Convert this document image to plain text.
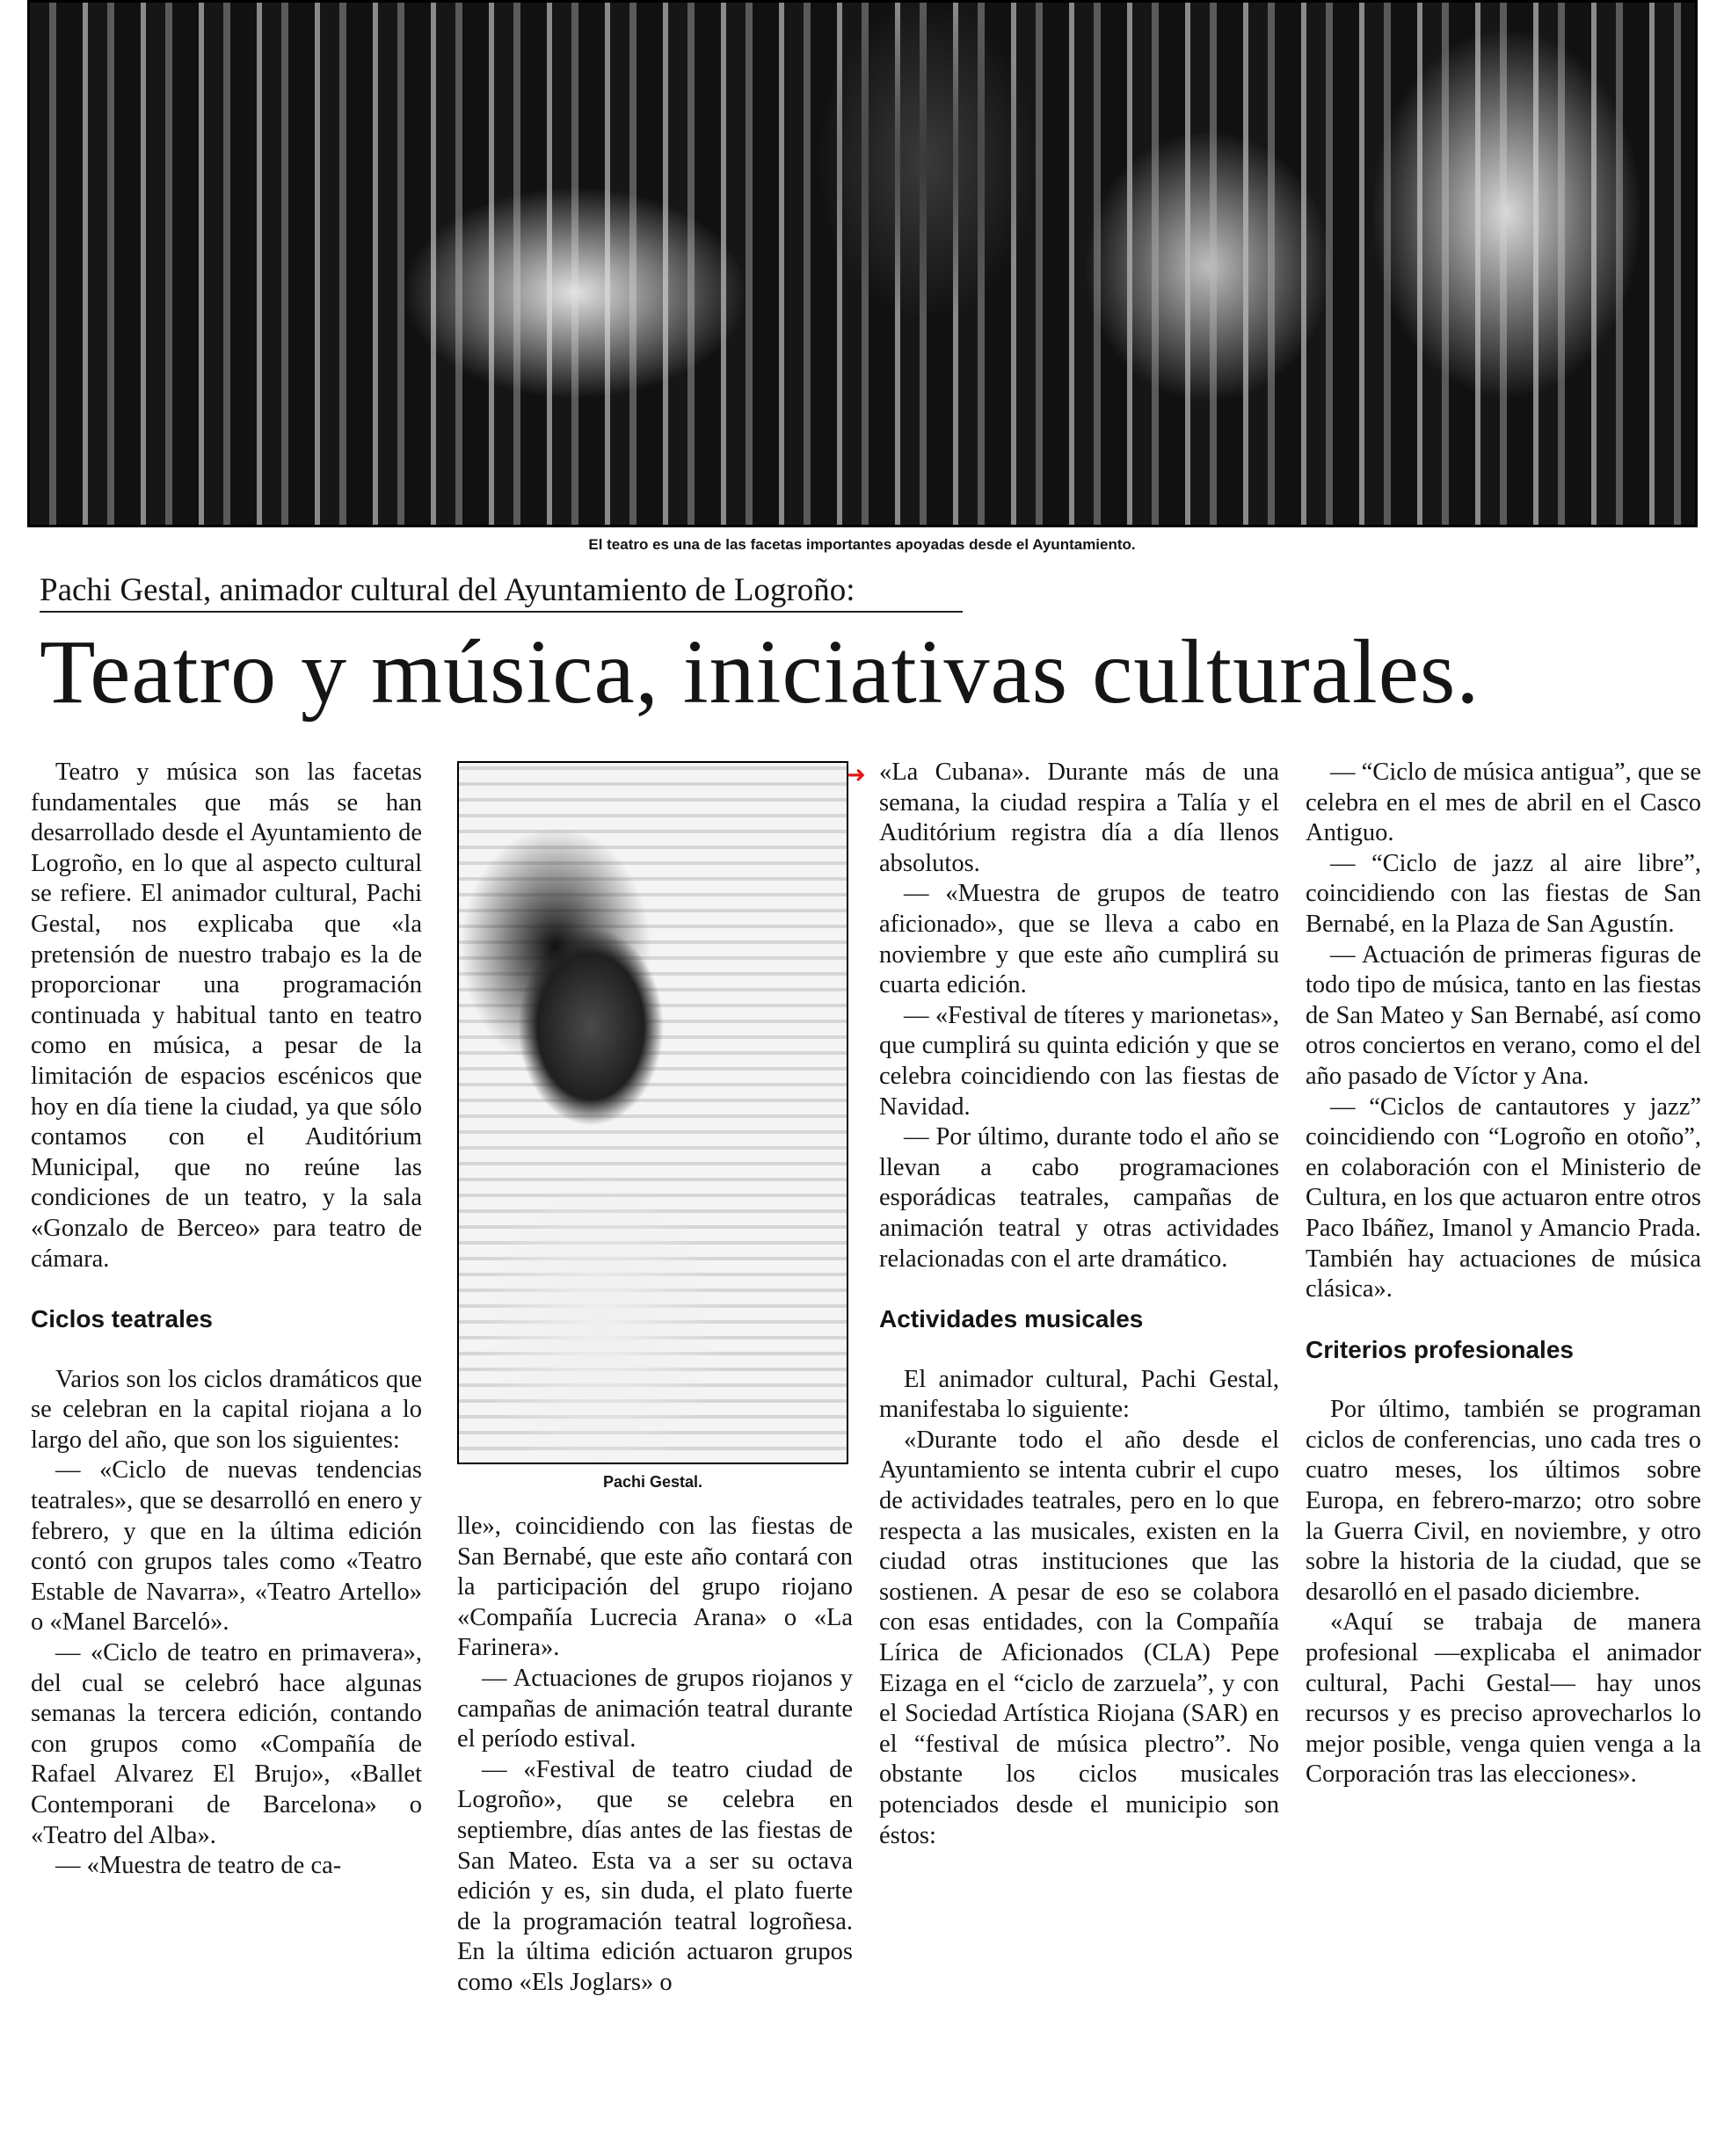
El teatro es una de las facetas importantes apoyadas desde el Ayuntamiento.
Pachi Gestal, animador cultural del Ayuntamiento de Logroño:
Teatro y música, iniciativas culturales.

Teatro y música son las facetas fundamentales que más se han desarrollado desde el Ayuntamiento de Logroño, en lo que al aspecto cultural se refiere. El animador cultural, Pachi Gestal, nos explicaba que «la pretensión de nuestro trabajo es la de proporcionar una programación continuada y habitual tanto en teatro como en música, a pesar de la limitación de espacios escénicos que hoy en día tiene la ciudad, ya que sólo contamos con el Auditórium Municipal, que no reúne las condiciones de un teatro, y la sala «Gonzalo de Berceo» para teatro de cámara.

Ciclos teatrales

Varios son los ciclos dramáticos que se celebran en la capital riojana a lo largo del año, que son los siguientes:

— «Ciclo de nuevas tendencias teatrales», que se desarrolló en enero y febrero, y que en la última edición contó con grupos tales como «Teatro Estable de Navarra», «Teatro Artello» o «Manel Barceló».

— «Ciclo de teatro en primavera», del cual se celebró hace algunas semanas la tercera edición, contando con grupos como «Compañía de Rafael Alvarez El Brujo», «Ballet Contemporani de Barcelona» o «Teatro del Alba».

— «Muestra de teatro de ca-

Pachi Gestal.

lle», coincidiendo con las fiestas de San Bernabé, que este año contará con la participación del grupo riojano «Compañía Lucrecia Arana» o «La Farinera».

— Actuaciones de grupos riojanos y campañas de animación teatral durante el período estival.

— «Festival de teatro ciudad de Logroño», que se celebra en septiembre, días antes de las fiestas de San Mateo. Esta va a ser su octava edición y es, sin duda, el plato fuerte de la programación teatral logroñesa. En la última edición actuaron grupos como «Els Joglars» o

➜ «La Cubana». Durante más de una semana, la ciudad respira a Talía y el Auditórium registra día a día llenos absolutos.

— «Muestra de grupos de teatro aficionado», que se lleva a cabo en noviembre y que este año cumplirá su cuarta edición.

— «Festival de títeres y marionetas», que cumplirá su quinta edición y que se celebra coincidiendo con las fiestas de Navidad.

— Por último, durante todo el año se llevan a cabo programaciones esporádicas teatrales, campañas de animación teatral y otras actividades relacionadas con el arte dramático.

Actividades musicales

El animador cultural, Pachi Gestal, manifestaba lo siguiente:

«Durante todo el año desde el Ayuntamiento se intenta cubrir el cupo de actividades teatrales, pero en lo que respecta a las musicales, existen en la ciudad otras instituciones que las sostienen. A pesar de eso se colabora con esas entidades, con la Compañía Lírica de Aficionados (CLA) Pepe Eizaga en el “ciclo de zarzuela”, y con el Sociedad Artística Riojana (SAR) en el “festival de música plectro”. No obstante los ciclos musicales potenciados desde el municipio son éstos:

— “Ciclo de música antigua”, que se celebra en el mes de abril en el Casco Antiguo.

— “Ciclo de jazz al aire libre”, coincidiendo con las fiestas de San Bernabé, en la Plaza de San Agustín.

— Actuación de primeras figuras de todo tipo de música, tanto en las fiestas de San Mateo y San Bernabé, así como otros conciertos en verano, como el del año pasado de Víctor y Ana.

— “Ciclos de cantautores y jazz” coincidiendo con “Logroño en otoño”, en colaboración con el Ministerio de Cultura, en los que actuaron entre otros Paco Ibáñez, Imanol y Amancio Prada. También hay actuaciones de música clásica».

Criterios profesionales

Por último, también se programan ciclos de conferencias, uno cada tres o cuatro meses, los últimos sobre Europa, en febrero-marzo; otro sobre la Guerra Civil, en noviembre, y otro sobre la historia de la ciudad, que se desarolló en el pasado diciembre.

«Aquí se trabaja de manera profesional —explicaba el animador cultural, Pachi Gestal— hay unos recursos y es preciso aprovecharlos lo mejor posible, venga quien venga a la Corporación tras las elecciones».
